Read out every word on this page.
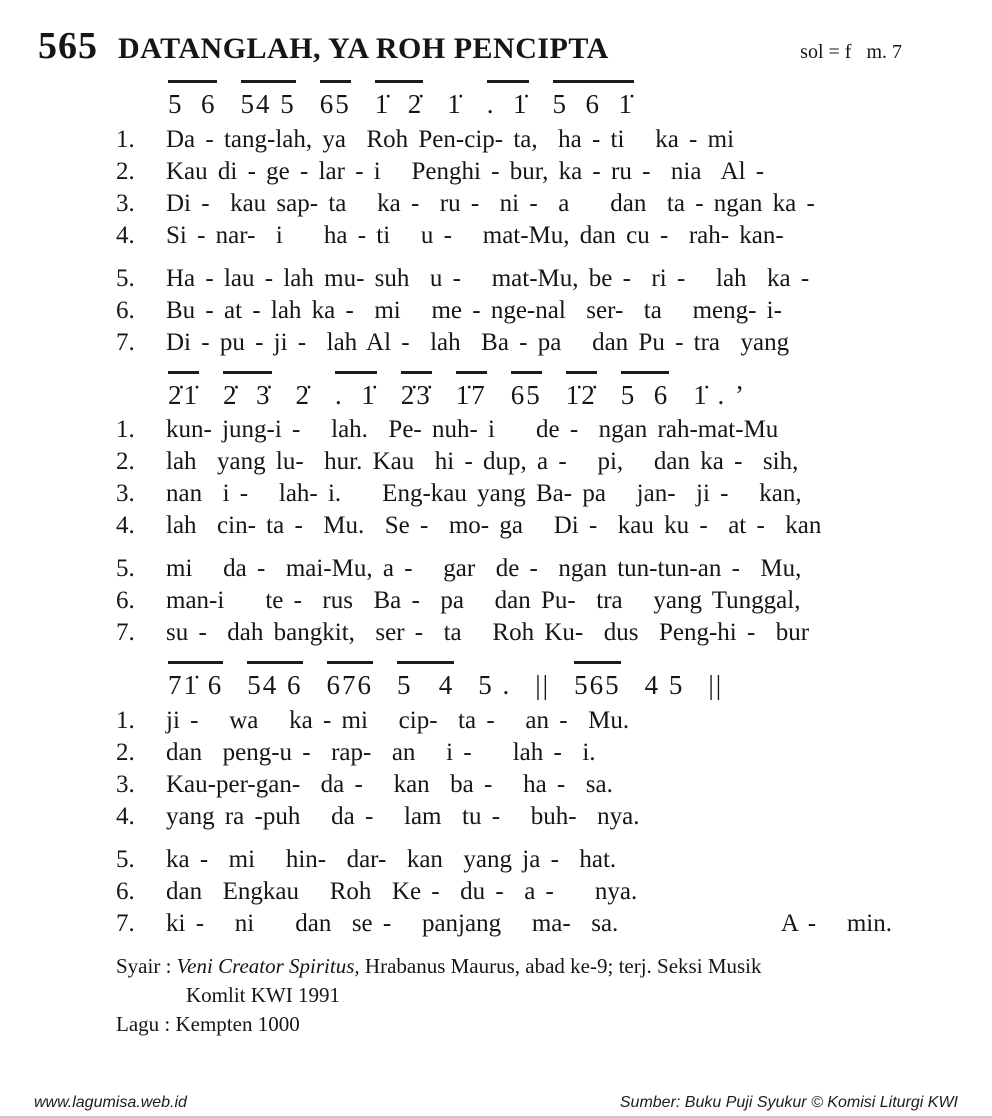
565 DATANGLAH, YA ROH PENCIPTA	sol = f m. 7
5  6 54 5 65 1̇  2̇ 1̇ .  1̇ 5  6  1̇
1.	Da - tang-lah, ya  Roh Pen-cip- ta,  ha - ti   ka - mi
2.	Kau di - ge - lar - i   Penghi - bur, ka - ru -  nia  Al -
3.	Di -  kau sap- ta   ka -  ru -  ni -  a    dan  ta - ngan ka -
4.	Si - nar-  i    ha - ti   u -   mat-Mu, dan cu -  rah- kan-
5.	Ha - lau - lah mu- suh  u -   mat-Mu, be -  ri -   lah  ka -
6.	Bu - at - lah ka -  mi   me - nge-nal  ser-  ta   meng- i-
7.	Di - pu - ji -  lah Al -  lah  Ba - pa   dan Pu - tra  yang
2̇1̇ 2̇  3̇ 2̇ .  1̇ 2̇3̇ 1̇7 65 1̇2̇ 5  6 1̇ . ’
1.	kun- jung-i -   lah.  Pe- nuh- i    de -  ngan rah-mat-Mu
2.	lah  yang lu-  hur. Kau  hi - dup, a -   pi,   dan ka -  sih,
3.	nan  i -   lah- i.    Eng-kau yang Ba- pa   jan-  ji -   kan,
4.	lah  cin- ta -  Mu.  Se -  mo- ga   Di -  kau ku -  at -  kan
5.	mi   da -  mai-Mu, a -   gar  de -  ngan tun-tun-an -  Mu,
6.	man-i    te -  rus  Ba -  pa   dan Pu-  tra   yang Tunggal,
7.	su -  dah bangkit,  ser -  ta   Roh Ku-  dus  Peng-hi -  bur
71̇ 6 54 6 676 5   4 5 . || 565 4 5 ||
1.	ji -   wa   ka - mi   cip-  ta -   an -  Mu.
2.	dan  peng-u -  rap-  an   i -    lah -  i.
3.	Kau-per-gan-  da -   kan  ba -   ha -  sa.
4.	yang ra -puh   da -   lam  tu -   buh-  nya.
5.	ka -  mi   hin-  dar-  kan  yang ja -  hat.
6.	dan  Engkau   Roh  Ke -  du -  a -    nya.
7.	ki -   ni    dan  se -   panjang   ma-  sa.	A -   min.
Syair : Veni Creator Spiritus, Hrabanus Maurus, abad ke-9; terj. Seksi Musik
Komlit KWI 1991
Lagu : Kempten 1000
www.lagumisa.web.id	Sumber: Buku Puji Syukur © Komisi Liturgi KWI
